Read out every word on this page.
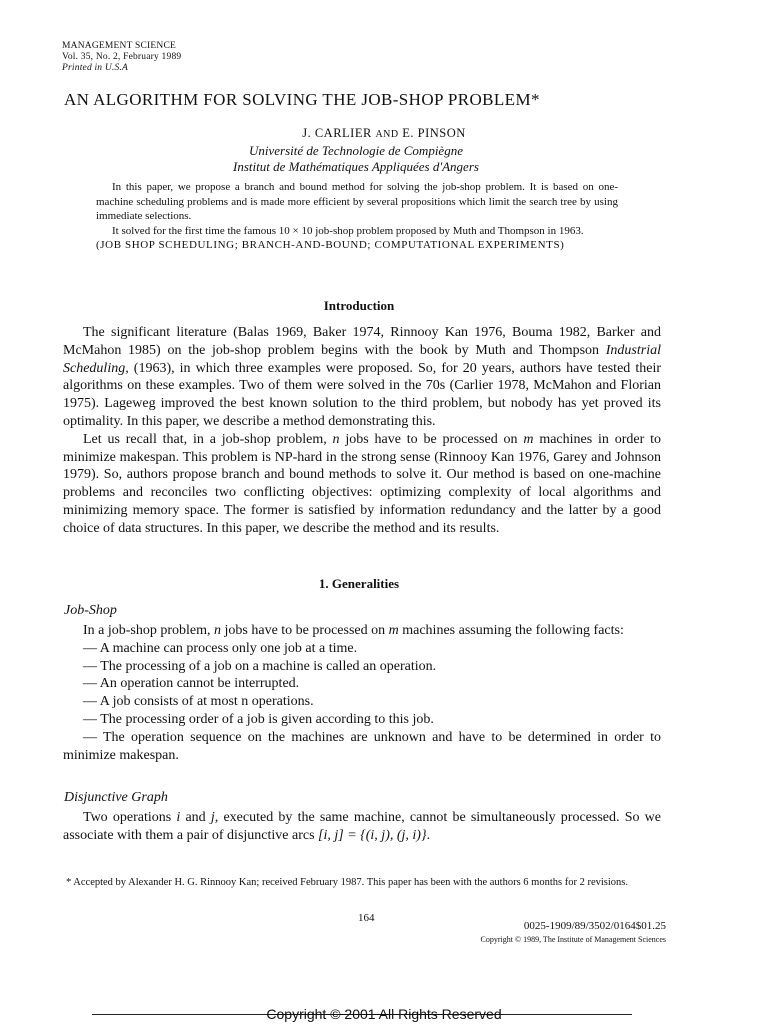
MANAGEMENT SCIENCE
Vol. 35, No. 2, February 1989
Printed in U.S.A
AN ALGORITHM FOR SOLVING THE JOB-SHOP PROBLEM*
J. CARLIER AND E. PINSON
Université de Technologie de Compiègne
Institut de Mathématiques Appliquées d'Angers

In this paper, we propose a branch and bound method for solving the job-shop problem. It is based on one-machine scheduling problems and is made more efficient by several propositions which limit the search tree by using immediate selections.

It solved for the first time the famous 10 × 10 job-shop problem proposed by Muth and Thompson in 1963.

(JOB SHOP SCHEDULING; BRANCH-AND-BOUND; COMPUTATIONAL EXPERIMENTS)

Introduction

The significant literature (Balas 1969, Baker 1974, Rinnooy Kan 1976, Bouma 1982, Barker and McMahon 1985) on the job-shop problem begins with the book by Muth and Thompson Industrial Scheduling, (1963), in which three examples were proposed. So, for 20 years, authors have tested their algorithms on these examples. Two of them were solved in the 70s (Carlier 1978, McMahon and Florian 1975). Lageweg improved the best known solution to the third problem, but nobody has yet proved its optimality. In this paper, we describe a method demonstrating this.

Let us recall that, in a job-shop problem, n jobs have to be processed on m machines in order to minimize makespan. This problem is NP-hard in the strong sense (Rinnooy Kan 1976, Garey and Johnson 1979). So, authors propose branch and bound methods to solve it. Our method is based on one-machine problems and reconciles two conflicting objectives: optimizing complexity of local algorithms and minimizing memory space. The former is satisfied by information redundancy and the latter by a good choice of data structures. In this paper, we describe the method and its results.

1. Generalities
Job-Shop

In a job-shop problem, n jobs have to be processed on m machines assuming the following facts:

— A machine can process only one job at a time.
— The processing of a job on a machine is called an operation.
— An operation cannot be interrupted.
— A job consists of at most n operations.
— The processing order of a job is given according to this job.
— The operation sequence on the machines are unknown and have to be determined in order to minimize makespan.
Disjunctive Graph

Two operations i and j, executed by the same machine, cannot be simultaneously processed. So we associate with them a pair of disjunctive arcs [i, j] = {(i, j), (j, i)}.

* Accepted by Alexander H. G. Rinnooy Kan; received February 1987. This paper has been with the authors 6 months for 2 revisions.
164
0025-1909/89/3502/0164$01.25
Copyright © 1989, The Institute of Management Sciences
Copyright © 2001 All Rights Reserved
